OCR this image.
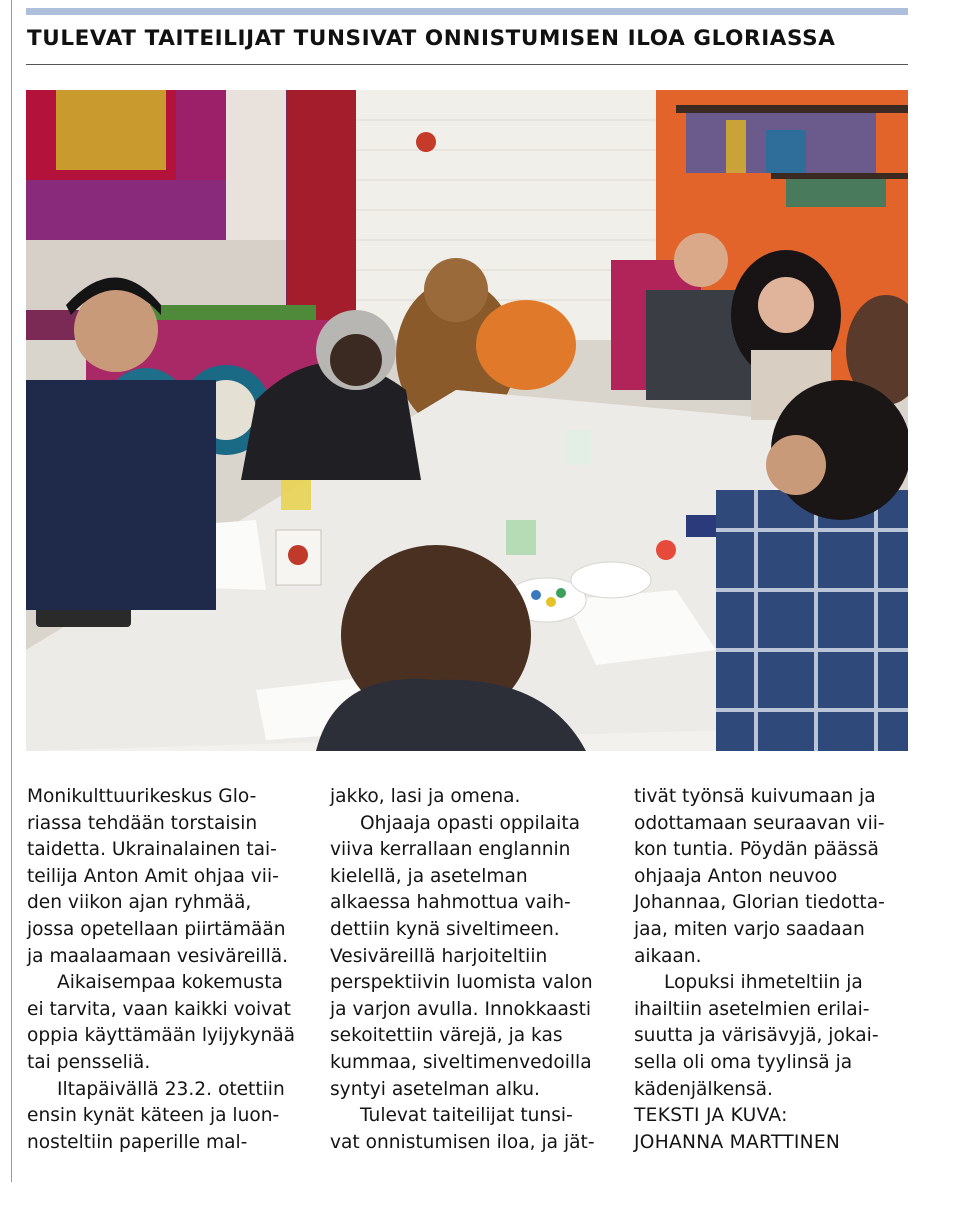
TULEVAT TAITEILIJAT TUNSIVAT ONNISTUMISEN ILOA GLORIASSA

Monikulttuurikeskus Glo-

riassa tehdään torstaisin

taidetta. Ukrainalainen tai-

teilija Anton Amit ohjaa vii-

den viikon ajan ryhmää,

jossa opetellaan piirtämään

ja maalaamaan vesiväreillä.

Aikaisempaa kokemusta

ei tarvita, vaan kaikki voivat

oppia käyttämään lyijykynää

tai pensseliä.

Iltapäivällä 23.2. otettiin

ensin kynät käteen ja luon-

nosteltiin paperille mal-

jakko, lasi ja omena.

Ohjaaja opasti oppilaita

viiva kerrallaan englannin

kielellä, ja asetelman

alkaessa hahmottua vaih-

dettiin kynä siveltimeen.

Vesiväreillä harjoiteltiin

perspektiivin luomista valon

ja varjon avulla. Innokkaasti

sekoitettiin värejä, ja kas

kummaa, siveltimenvedoilla

syntyi asetelman alku.

Tulevat taiteilijat tunsi-

vat onnistumisen iloa, ja jät-

tivät työnsä kuivumaan ja

odottamaan seuraavan vii-

kon tuntia. Pöydän päässä

ohjaaja Anton neuvoo

Johannaa, Glorian tiedotta-

jaa, miten varjo saadaan

aikaan.

Lopuksi ihmeteltiin ja

ihailtiin asetelmien erilai-

suutta ja värisävyjä, jokai-

sella oli oma tyylinsä ja

kädenjälkensä.

TEKSTI JA KUVA:

JOHANNA MARTTINEN
